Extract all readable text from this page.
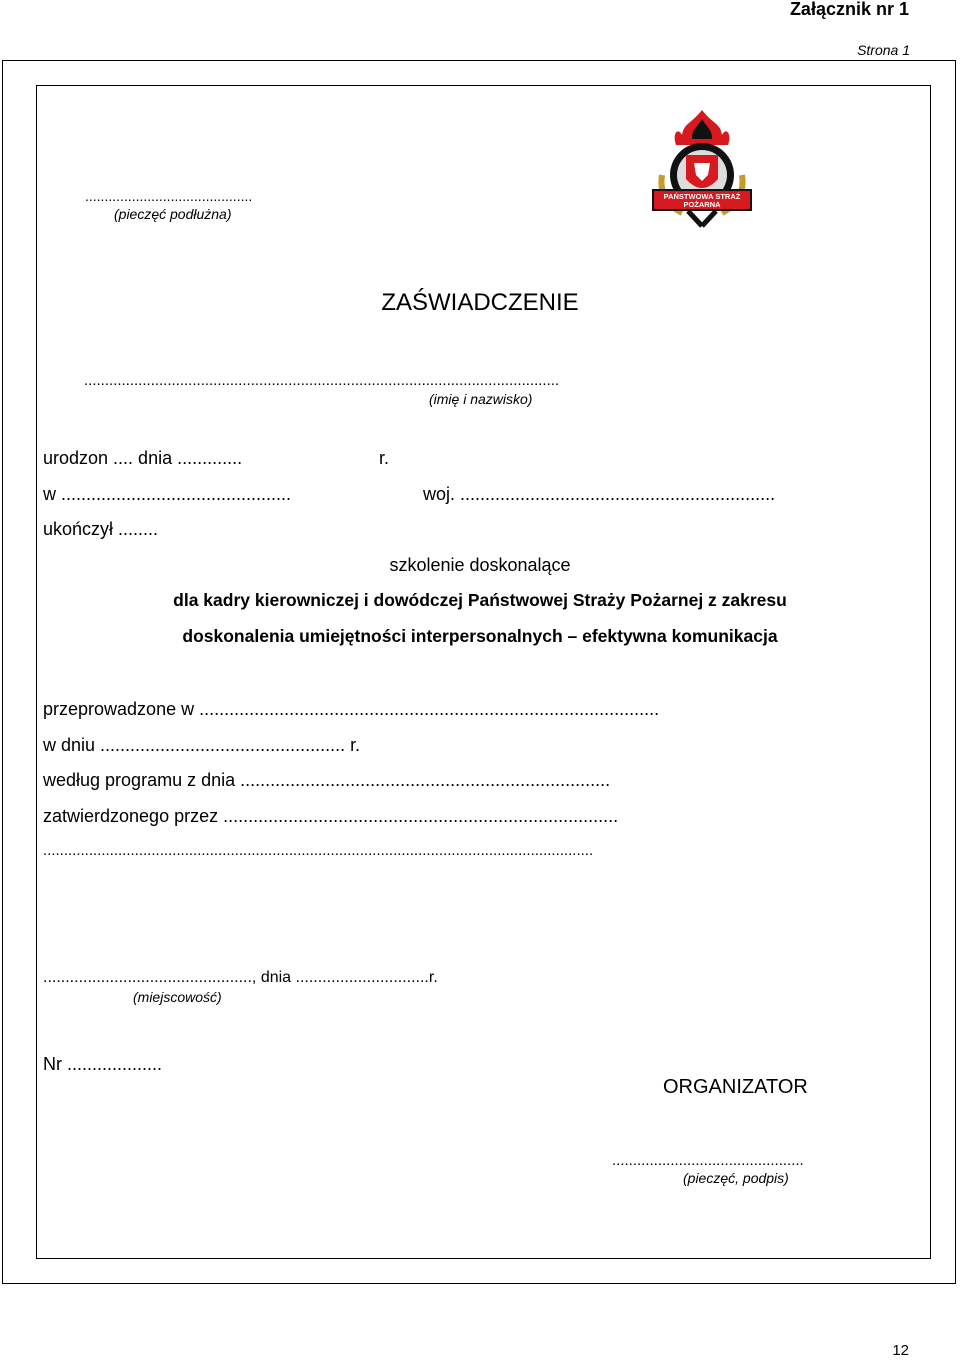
Załącznik nr 1
Strona 1
...........................................
(pieczęć podłużna)
PAŃSTWOWA STRAŻ POŻARNA
ZAŚWIADCZENIE
..................................................................................................................
(imię i nazwisko)
urodzon .... dnia .............	r.
w ..............................................	woj. ...............................................................
ukończył ........
szkolenie doskonalące
dla kadry kierowniczej i dowódczej Państwowej Straży Pożarnej z zakresu
doskonalenia umiejętności interpersonalnych – efektywna komunikacja
przeprowadzone w ............................................................................................
w dniu ................................................. r.
według programu z dnia ..........................................................................
zatwierdzonego przez ...............................................................................
....................................................................................................................................
..............................................., dnia ..............................r.
(miejscowość)
Nr ...................
ORGANIZATOR
..............................................
(pieczęć, podpis)
12
